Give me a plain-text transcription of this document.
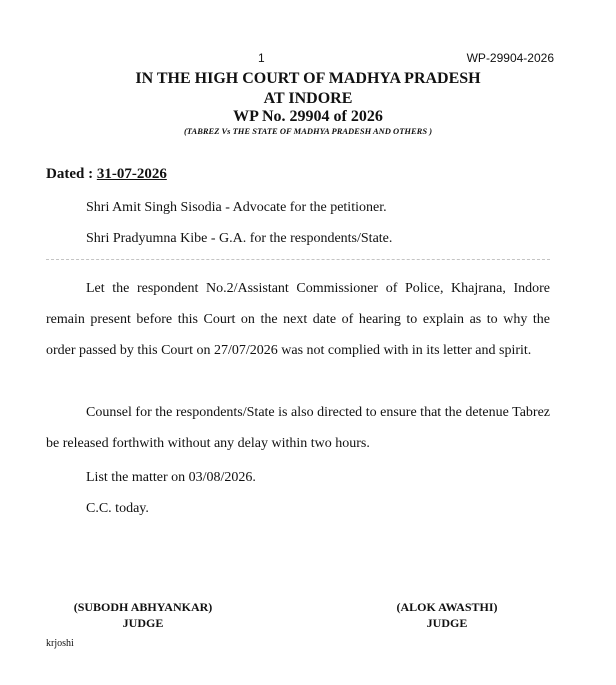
1	WP-29904-2026
IN THE HIGH COURT OF MADHYA PRADESH
AT INDORE
WP No. 29904 of 2026
(TABREZ Vs THE STATE OF MADHYA PRADESH AND OTHERS )
Dated : 31-07-2026
Shri Amit Singh Sisodia - Advocate for the petitioner.
Shri Pradyumna Kibe - G.A. for the respondents/State.
Let the respondent No.2/Assistant Commissioner of Police, Khajrana, Indore remain present before this Court on the next date of hearing to explain as to why the order passed by this Court on 27/07/2026 was not complied with in its letter and spirit.
Counsel for the respondents/State is also directed to ensure that the detenue Tabrez be released forthwith without any delay within two hours.
List the matter on 03/08/2026.
C.C. today.
(SUBODH ABHYANKAR)
JUDGE
(ALOK AWASTHI)
JUDGE
krjoshi
